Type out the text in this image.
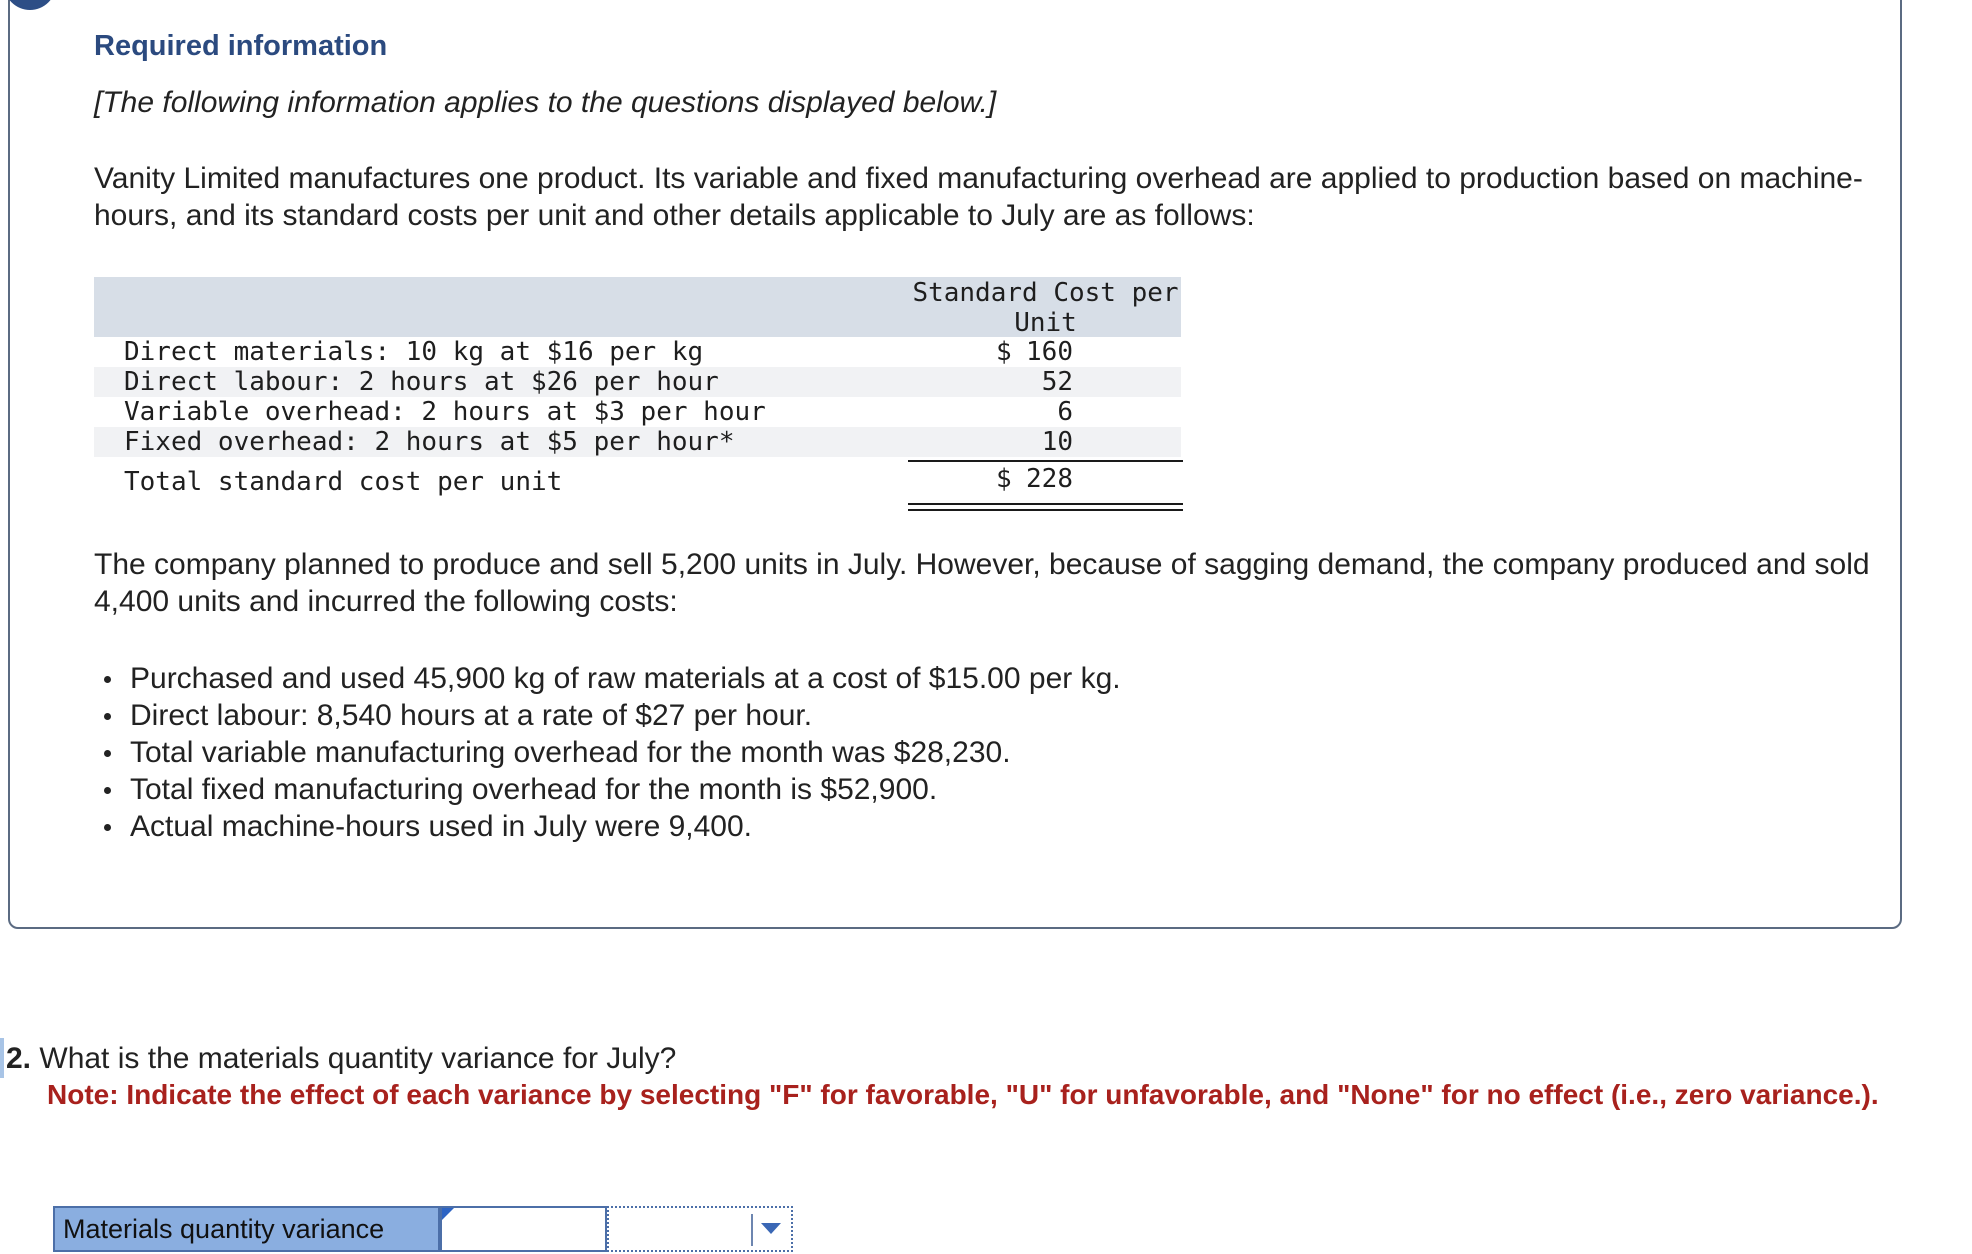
Required information
[The following information applies to the questions displayed below.]
Vanity Limited manufactures one product. Its variable and fixed manufacturing overhead are applied to production based on machine-hours, and its standard costs per unit and other details applicable to July are as follows:
Standard Cost per
Unit
Direct materials: 10 kg at $16 per kg	$ 160
Direct labour: 2 hours at $26 per hour	52
Variable overhead: 2 hours at $3 per hour	6
Fixed overhead: 2 hours at $5 per hour*	10
Total standard cost per unit	$ 228
The company planned to produce and sell 5,200 units in July. However, because of sagging demand, the company produced and sold 4,400 units and incurred the following costs:
Purchased and used 45,900 kg of raw materials at a cost of $15.00 per kg.
Direct labour: 8,540 hours at a rate of $27 per hour.
Total variable manufacturing overhead for the month was $28,230.
Total fixed manufacturing overhead for the month is $52,900.
Actual machine-hours used in July were 9,400.
2. What is the materials quantity variance for July?
Note: Indicate the effect of each variance by selecting "F" for favorable, "U" for unfavorable, and "None" for no effect (i.e., zero variance.).
Materials quantity variance
